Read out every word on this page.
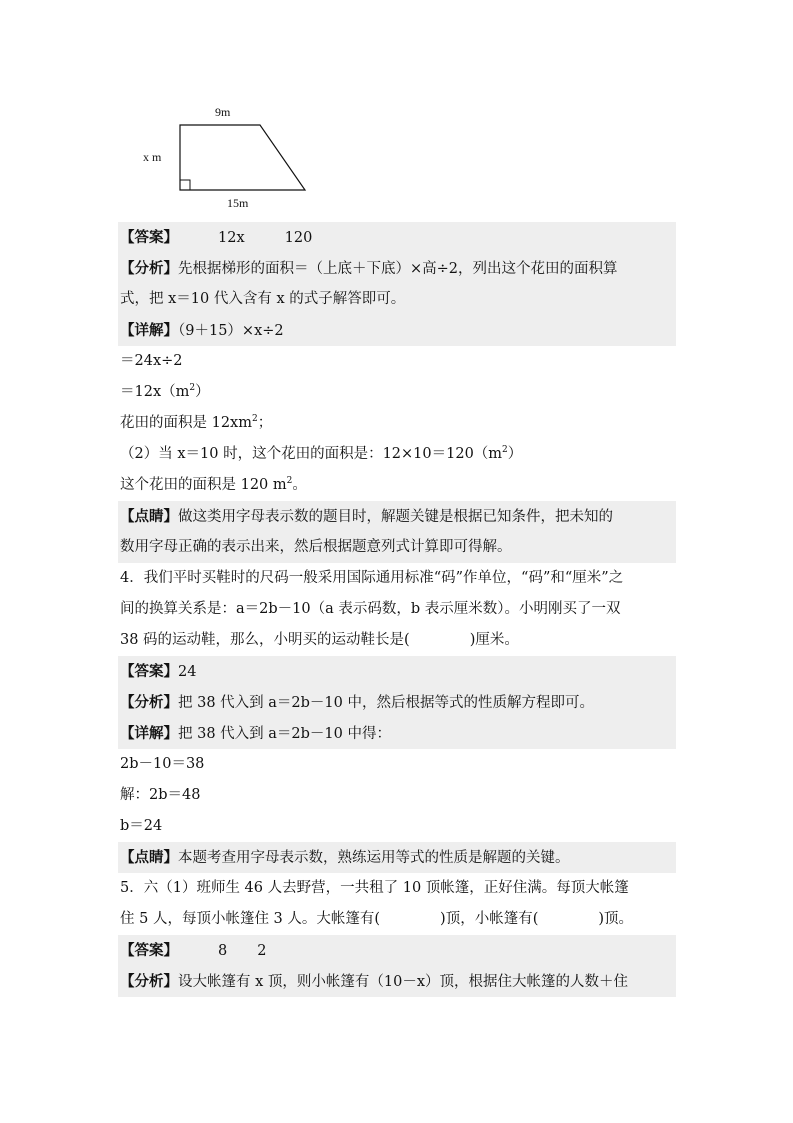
9m
x m
15m
【答案】	12x	120
【分析】先根据梯形的面积＝（上底＋下底）×高÷2，列出这个花田的面积算
式，把 x＝10 代入含有 x 的式子解答即可。
【详解】（9＋15）×x÷2
＝24x÷2
$=12x(m^2)$
花田的面积是 $12xm^2$；
（2）当 x＝10 时，这个花田的面积是：$12\times 10=120(m^2)$
这个花田的面积是 120 $m^2$。
【点睛】做这类用字母表示数的题目时，解题关键是根据已知条件，把未知的
数用字母正确的表示出来，然后根据题意列式计算即可得解。
4．我们平时买鞋时的尺码一般采用国际通用标准“码”作单位，“码”和“厘米”之
间的换算关系是：a＝2b－10（a 表示码数，b 表示厘米数）。小明刚买了一双
38 码的运动鞋，那么，小明买的运动鞋长是(	)厘米。
【答案】24
【分析】把 38 代入到 a＝2b－10 中，然后根据等式的性质解方程即可。
【详解】把 38 代入到 a＝2b－10 中得：
2b－10＝38
解：2b＝48
b＝24
【点睛】本题考查用字母表示数，熟练运用等式的性质是解题的关键。
5．六（1）班师生 46 人去野营，一共租了 10 顶帐篷，正好住满。每顶大帐篷
住 5 人，每顶小帐篷住 3 人。大帐篷有(	)顶，小帐篷有(	)顶。
【答案】	8 2
【分析】设大帐篷有 x 顶，则小帐篷有（10－x）顶，根据住大帐篷的人数＋住
